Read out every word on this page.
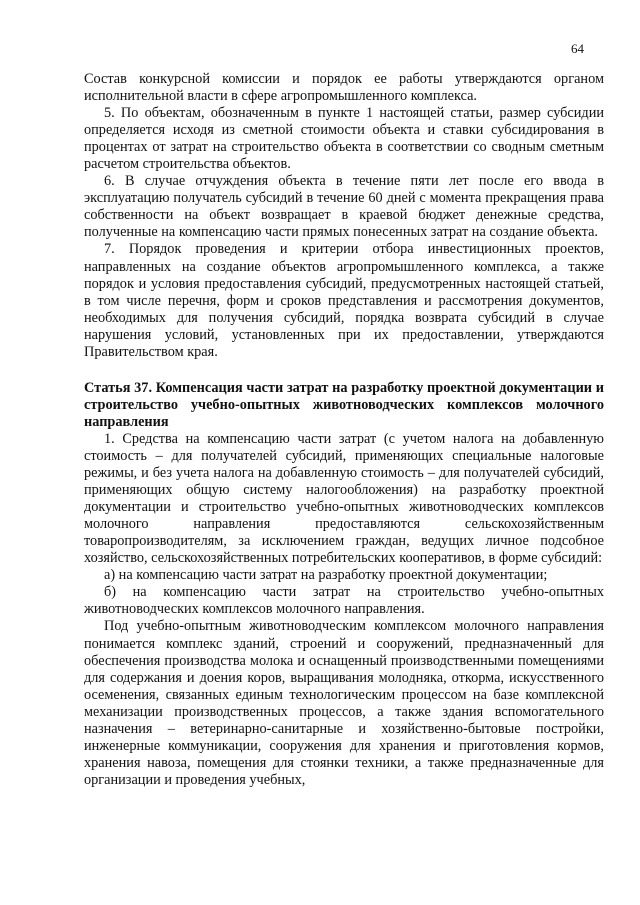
64

Состав конкурсной комиссии и порядок ее работы утверждаются органом исполнительной власти в сфере агропромышленного комплекса.

5. По объектам, обозначенным в пункте 1 настоящей статьи, размер субсидии определяется исходя из сметной стоимости объекта и ставки субсидирования в процентах от затрат на строительство объекта в соответствии со сводным сметным расчетом строительства объектов.

6. В случае отчуждения объекта в течение пяти лет после его ввода в эксплуатацию получатель субсидий в течение 60 дней с момента прекращения права собственности на объект возвращает в краевой бюджет денежные средства, полученные на компенсацию части прямых понесенных затрат на создание объекта.

7. Порядок проведения и критерии отбора инвестиционных проектов, направленных на создание объектов агропромышленного комплекса, а также порядок и условия предоставления субсидий, предусмотренных настоящей статьей, в том числе перечня, форм и сроков представления и рассмотрения документов, необходимых для получения субсидий, порядка возврата субсидий в случае нарушения условий, установленных при их предоставлении, утверждаются Правительством края.

Статья 37. Компенсация части затрат на разработку проектной документации и строительство учебно-опытных животноводческих комплексов молочного направления

1. Средства на компенсацию части затрат (с учетом налога на добавленную стоимость – для получателей субсидий, применяющих специальные налоговые режимы, и без учета налога на добавленную стоимость – для получателей субсидий, применяющих общую систему налогообложения) на разработку проектной документации и строительство учебно-опытных животноводческих комплексов молочного направления предоставляются сельскохозяйственным товаропроизводителям, за исключением граждан, ведущих личное подсобное хозяйство, сельскохозяйственных потребительских кооперативов, в форме субсидий:

а) на компенсацию части затрат на разработку проектной документации;

б) на компенсацию части затрат на строительство учебно-опытных животноводческих комплексов молочного направления.

Под учебно-опытным животноводческим комплексом молочного направления понимается комплекс зданий, строений и сооружений, предназначенный для обеспечения производства молока и оснащенный производственными помещениями для содержания и доения коров, выращивания молодняка, откорма, искусственного осеменения, связанных единым технологическим процессом на базе комплексной механизации производственных процессов, а также здания вспомогательного назначения – ветеринарно-санитарные и хозяйственно-бытовые постройки, инженерные коммуникации, сооружения для хранения и приготовления кормов, хранения навоза, помещения для стоянки техники, а также предназначенные для организации и проведения учебных,
